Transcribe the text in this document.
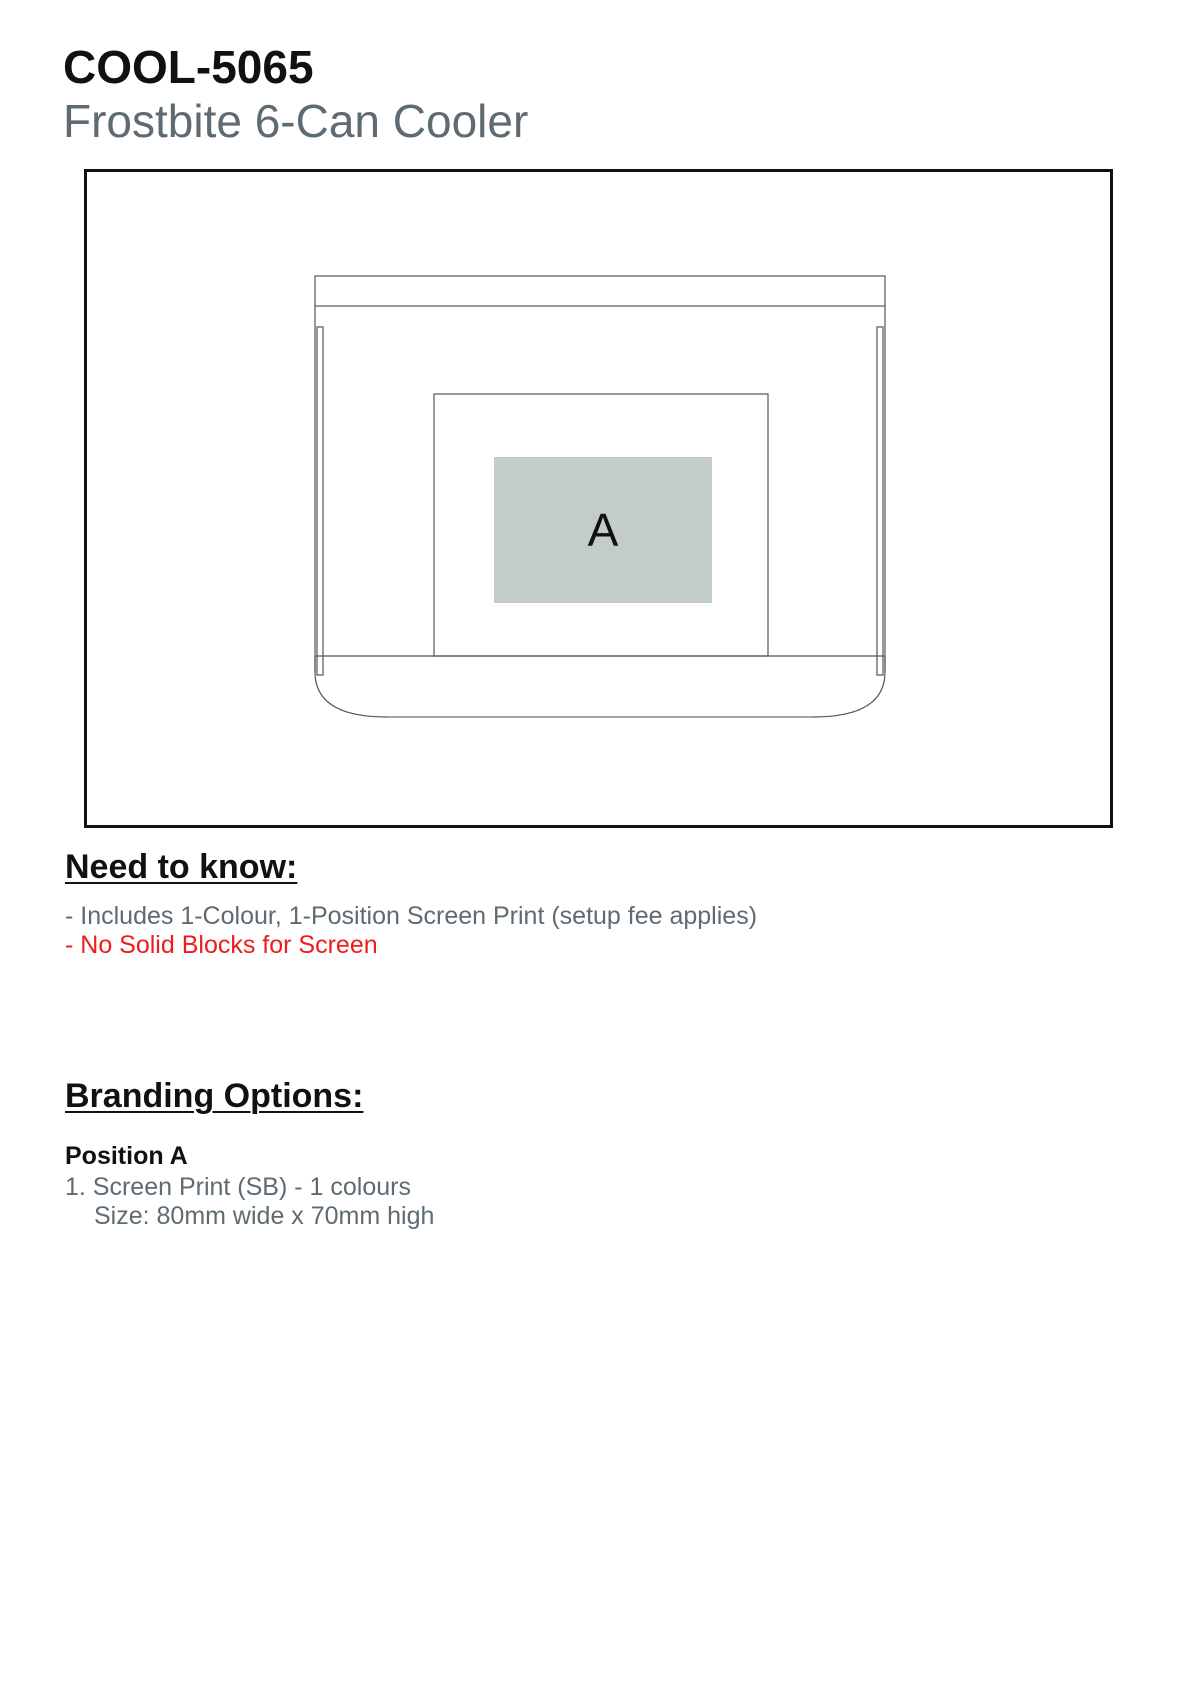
COOL-5065
Frostbite 6-Can Cooler
A
Need to know:
- Includes 1-Colour, 1-Position Screen Print (setup fee applies)
- No Solid Blocks for Screen
Branding Options:
Position A
1. Screen Print (SB) - 1 colours
Size: 80mm wide x 70mm high
